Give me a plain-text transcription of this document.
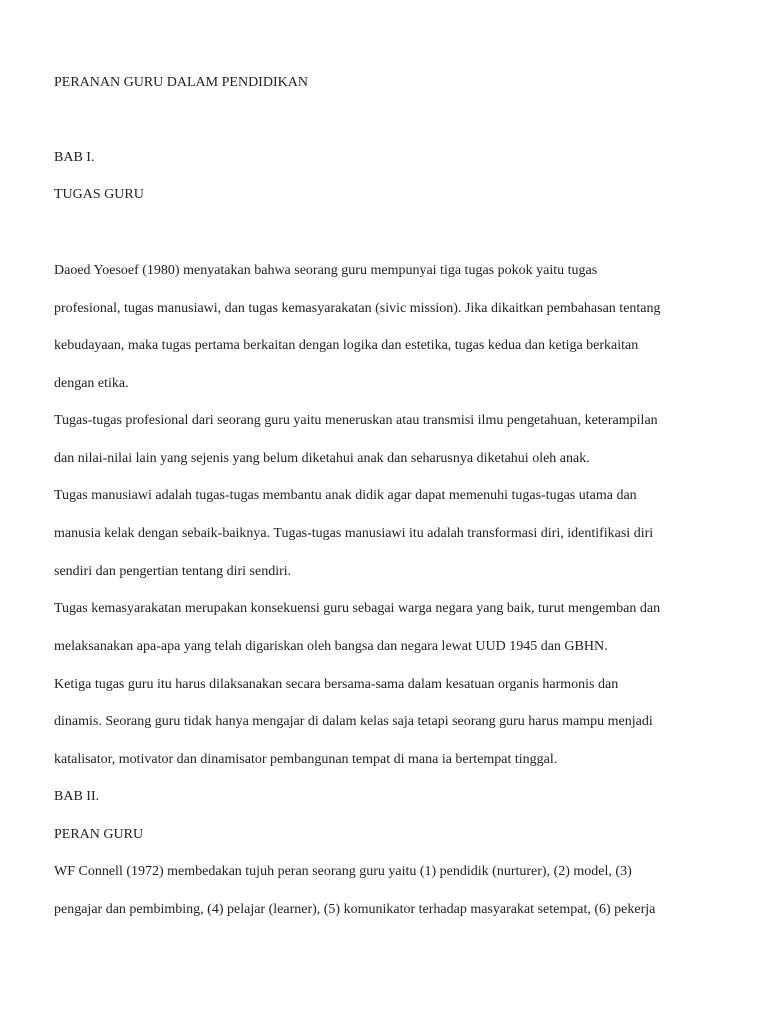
PERANAN GURU DALAM PENDIDIKAN
BAB I.
TUGAS GURU
Daoed Yoesoef (1980) menyatakan bahwa seorang guru mempunyai tiga tugas pokok yaitu tugas
profesional, tugas manusiawi, dan tugas kemasyarakatan (sivic mission). Jika dikaitkan pembahasan tentang
kebudayaan, maka tugas pertama berkaitan dengan logika dan estetika, tugas kedua dan ketiga berkaitan
dengan etika.
Tugas-tugas profesional dari seorang guru yaitu meneruskan atau transmisi ilmu pengetahuan, keterampilan
dan nilai-nilai lain yang sejenis yang belum diketahui anak dan seharusnya diketahui oleh anak.
Tugas manusiawi adalah tugas-tugas membantu anak didik agar dapat memenuhi tugas-tugas utama dan
manusia kelak dengan sebaik-baiknya. Tugas-tugas manusiawi itu adalah transformasi diri, identifikasi diri
sendiri dan pengertian tentang diri sendiri.
Tugas kemasyarakatan merupakan konsekuensi guru sebagai warga negara yang baik, turut mengemban dan
melaksanakan apa-apa yang telah digariskan oleh bangsa dan negara lewat UUD 1945 dan GBHN.
Ketiga tugas guru itu harus dilaksanakan secara bersama-sama dalam kesatuan organis harmonis dan
dinamis. Seorang guru tidak hanya mengajar di dalam kelas saja tetapi seorang guru harus mampu menjadi
katalisator, motivator dan dinamisator pembangunan tempat di mana ia bertempat tinggal.
BAB II.
PERAN GURU
WF Connell (1972) membedakan tujuh peran seorang guru yaitu (1) pendidik (nurturer), (2) model, (3)
pengajar dan pembimbing, (4) pelajar (learner), (5) komunikator terhadap masyarakat setempat, (6) pekerja
